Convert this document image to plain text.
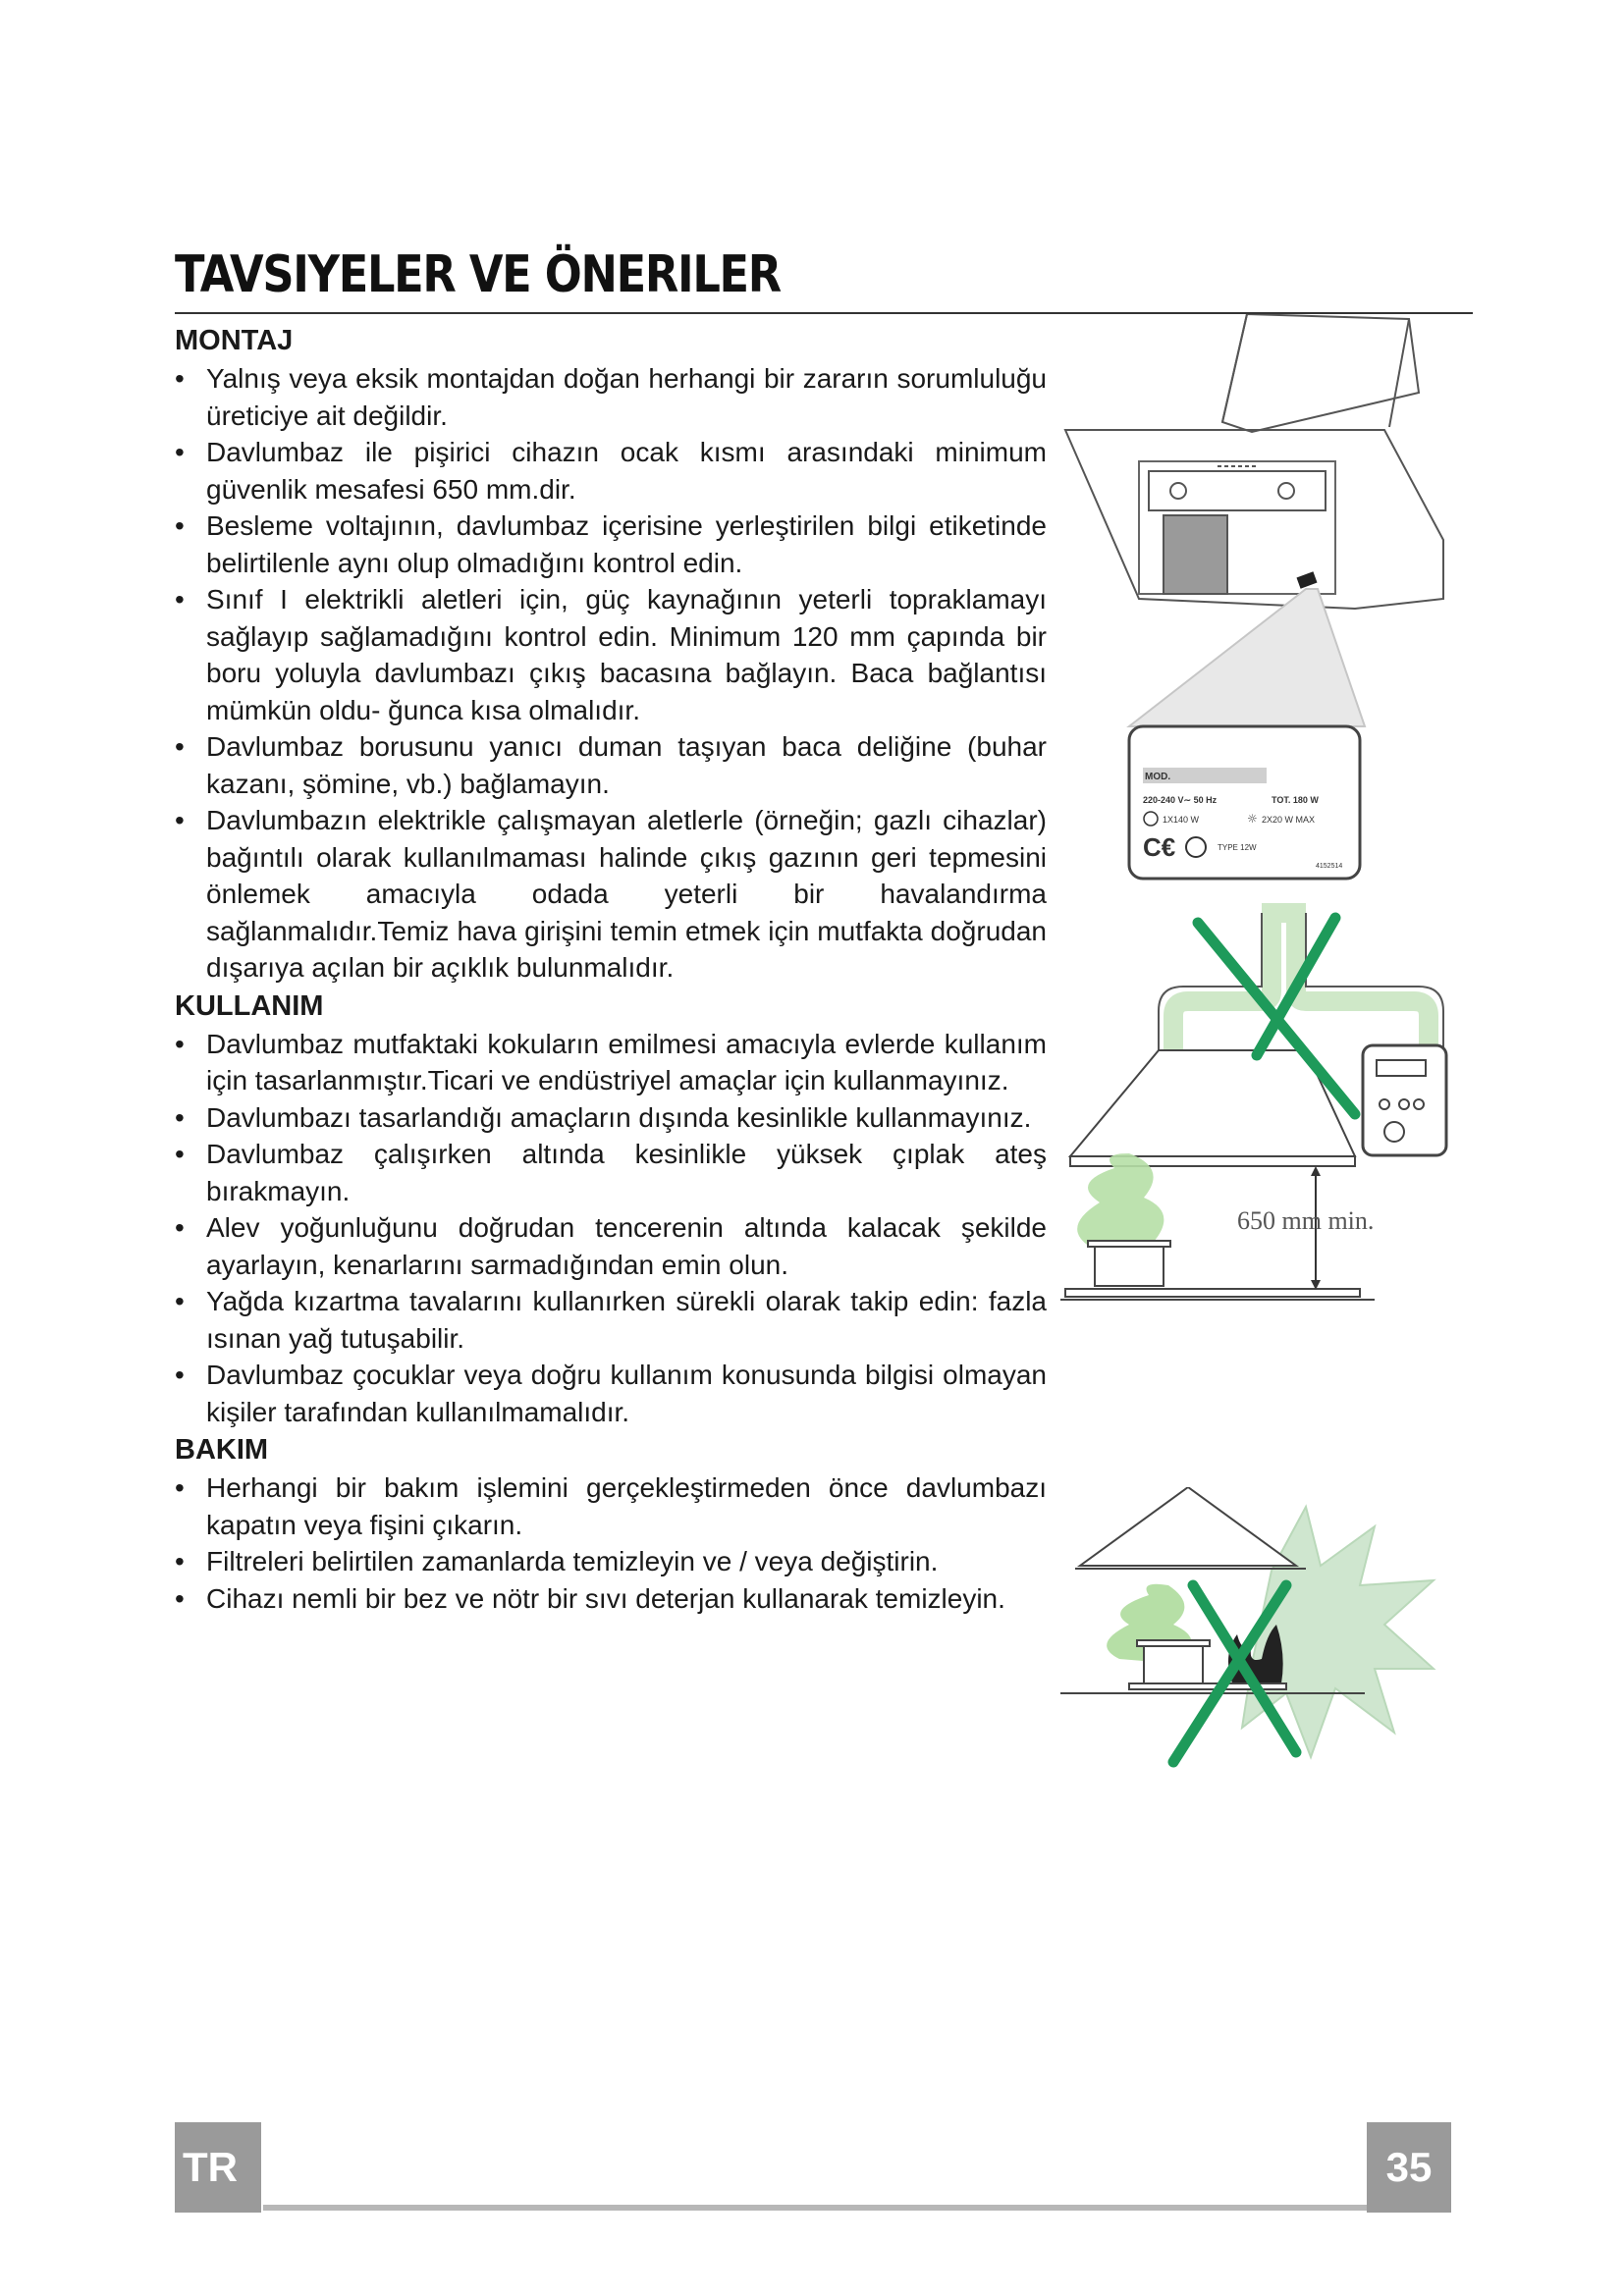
TAVSIYELER VE ÖNERILER
MONTAJ
• Yalnış veya eksik montajdan doğan herhangi bir zararın sorumluluğu üreticiye ait değildir.
• Davlumbaz ile pişirici cihazın ocak kısmı arasındaki minimum güvenlik mesafesi 650 mm.dir.
• Besleme voltajının, davlumbaz içerisine yerleştirilen bilgi etiketinde belirtilenle aynı olup olmadığını kontrol edin.
• Sınıf I elektrikli aletleri için, güç kaynağının yeterli topraklamayı sağlayıp sağlamadığını kontrol edin. Minimum 120 mm çapında bir boru yoluyla davlumbazı çıkış bacasına bağlayın. Baca bağlantısı mümkün oldu- ğunca kısa olmalıdır.
• Davlumbaz borusunu yanıcı duman taşıyan baca deliğine (buhar kazanı, şömine, vb.) bağlamayın.
• Davlumbazın elektrikle çalışmayan aletlerle (örneğin; gazlı cihazlar) bağıntılı olarak kullanılmaması halinde çıkış gazının geri tepmesini önlemek amacıyla odada yeterli bir havalandırma sağlanmalıdır.Temiz hava girişini temin etmek için mutfakta doğrudan dışarıya açılan bir açıklık bulunmalıdır.
KULLANIM
• Davlumbaz mutfaktaki kokuların emilmesi amacıyla evlerde kullanım için tasarlanmıştır.Ticari ve endüstriyel amaçlar için kullanmayınız.
• Davlumbazı tasarlandığı amaçların dışında kesinlikle kullanmayınız.
• Davlumbaz çalışırken altında kesinlikle yüksek çıplak ateş bırakmayın.
• Alev yoğunluğunu doğrudan tencerenin altında kalacak şekilde ayarlayın, kenarlarını sarmadığından emin olun.
• Yağda kızartma tavalarını kullanırken sürekli olarak takip edin: fazla ısınan yağ tutuşabilir.
• Davlumbaz çocuklar veya doğru kullanım konusunda bilgisi olmayan kişiler tarafından kullanılmamalıdır.
BAKIM
• Herhangi bir bakım işlemini gerçekleştirmeden önce davlumbazı kapatın veya fişini çıkarın.
• Filtreleri belirtilen zamanlarda temizleyin ve / veya değiştirin.
• Cihazı nemli bir bez ve nötr bir sıvı deterjan kullanarak temizleyin.
MOD.
220-240 V∼ 50 Hz	TOT. 180 W
1X140 W	☼ 2X20 W MAX
C€	TYPE 12W
4152514
650 mm min.
TR	35
